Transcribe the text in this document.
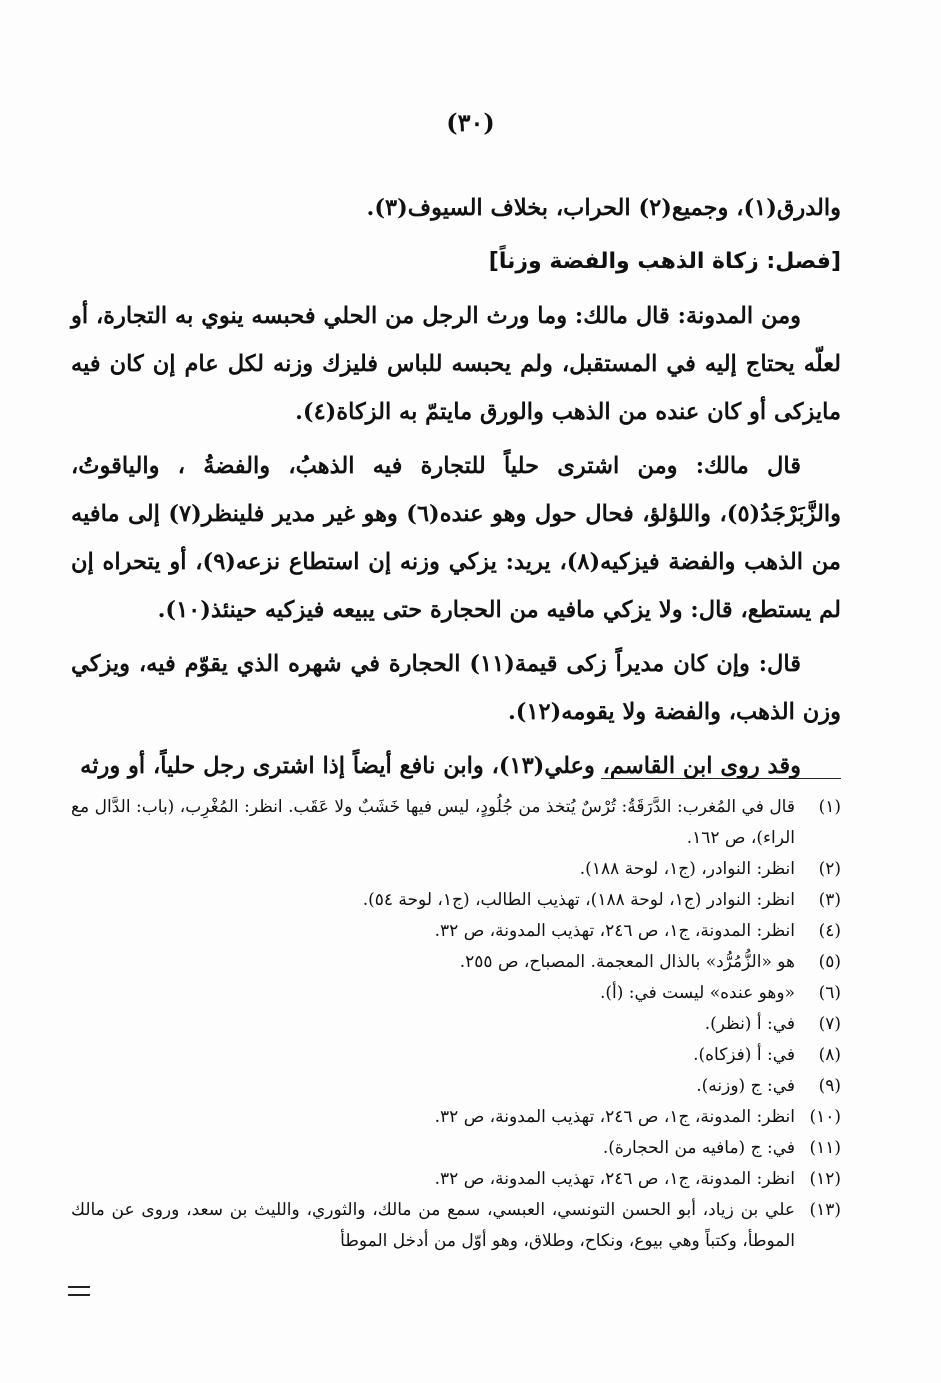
(٣٠)

والدرق(١)، وجميع(٢) الحراب، بخلاف السيوف(٣).

[فصل: زكاة الذهب والفضة وزناً]

ومن المدونة: قال مالك: وما ورث الرجل من الحلي فحبسه ينوي به التجارة، أو لعلّه يحتاج إليه في المستقبل، ولم يحبسه للباس فليزك وزنه لكل عام إن كان فيه مايزكى أو كان عنده من الذهب والورق مايتمّ به الزكاة(٤).

قال مالك: ومن اشترى حلياً للتجارة فيه الذهبُ، والفضةُ ، والياقوتُ، والزَّبَرْجَدُ(٥)، واللؤلؤ، فحال حول وهو عنده(٦) وهو غير مدير فلينظر(٧) إلى مافيه من الذهب والفضة فيزكيه(٨)، يريد: يزكي وزنه إن استطاع نزعه(٩)، أو يتحراه إن لم يستطع، قال: ولا يزكي مافيه من الحجارة حتى يبيعه فيزكيه حينئذ(١٠).

قال: وإن كان مديراً زكى قيمة(١١) الحجارة في شهره الذي يقوّم فيه، ويزكي وزن الذهب، والفضة ولا يقومه(١٢).

وقد روى ابن القاسم، وعلي(١٣)، وابن نافع أيضاً إذا اشترى رجل حلياً، أو ورثه

(١)
قال في المُغرب: الدَّرَقَةُ: تُرْسٌ يُتخذ من جُلُودٍ، ليس فيها خَشَبٌ ولا عَقَب. انظر: المُغْرِب، (باب: الدَّال مع الراء)، ص ١٦٢.
(٢)
انظر: النوادر، (ج١، لوحة ١٨٨).
(٣)
انظر: النوادر (ج١، لوحة ١٨٨)، تهذيب الطالب، (ج١، لوحة ٥٤).
(٤)
انظر: المدونة، ج١، ص ٢٤٦، تهذيب المدونة، ص ٣٢.
(٥)
هو «الزُّمُرُّد» بالذال المعجمة. المصباح، ص ٢٥٥.
(٦)
«وهو عنده» ليست في: (أ).
(٧)
في: أ (نظر).
(٨)
في: أ (فزكاه).
(٩)
في: ج (وزنه).
(١٠)
انظر: المدونة، ج١، ص ٢٤٦، تهذيب المدونة، ص ٣٢.
(١١)
في: ج (مافيه من الحجارة).
(١٢)
انظر: المدونة، ج١، ص ٢٤٦، تهذيب المدونة، ص ٣٢.
(١٣)
علي بن زياد، أبو الحسن التونسي، العبسي، سمع من مالك، والثوري، والليث بن سعد، وروى عن مالك الموطأ، وكتباً وهي بيوع، ونكاح، وطلاق، وهو أوّل من أدخل الموطأ
